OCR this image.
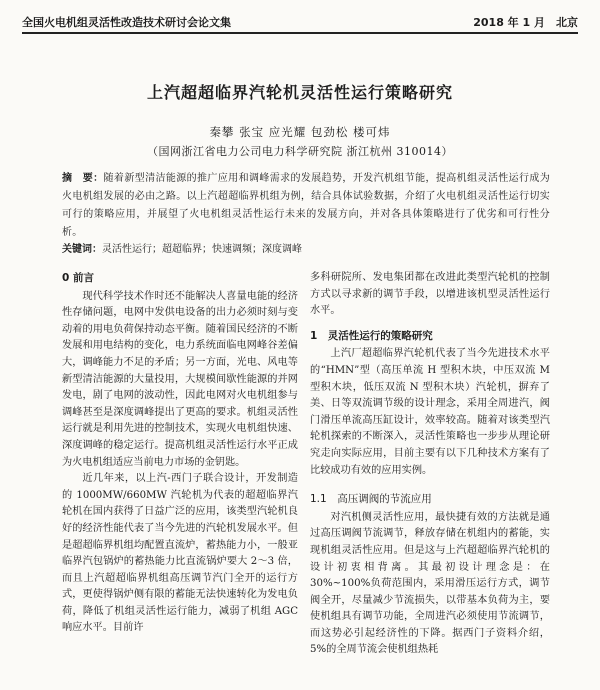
全国火电机组灵活性改造技术研讨会论文集	2018 年 1 月　北京
上汽超超临界汽轮机灵活性运行策略研究
秦攀 张宝 应光耀 包劲松 楼可炜
（国网浙江省电力公司电力科学研究院 浙江杭州 310014）
摘　要：随着新型清洁能源的推广应用和调峰需求的发展趋势，开发汽机组节能，提高机组灵活性运行成为火电机组发展的必由之路。以上汽超超临界机组为例，结合具体试验数据，介绍了火电机组灵活性运行切实可行的策略应用，并展望了火电机组灵活性运行未来的发展方向，并对各具体策略进行了优劣和可行性分析。
关键词：灵活性运行；超超临界；快速调频；深度调峰
0 前言

现代科学技术作时还不能解决人喜量电能的经济性存储问题，电网中发供电设备的出力必须时刻与变动着的用电负荷保持动态平衡。随着国民经济的不断发展和用电结构的变化，电力系统面临电网峰谷差偏大，调峰能力不足的矛盾；另一方面，光电、风电等新型清洁能源的大量投用，大规模间歇性能源的并网发电，剧了电网的波动性，因此电网对火电机组参与调峰甚至是深度调峰提出了更高的要求。机组灵活性运行就是利用先进的控制技术，实现火电机组快速、深度调峰的稳定运行。提高机组灵活性运行水平正成为火电机组适应当前电力市场的金钥匙。

近几年来，以上汽-西门子联合设计，开发制造的 1000MW/660MW 汽轮机为代表的超超临界汽轮机在国内获得了日益广泛的应用，该类型汽轮机良好的经济性能代表了当今先进的汽轮机发展水平。但是超超临界机组均配置直流炉，蓄热能力小，一般亚临界汽包锅炉的蓄热能力比直流锅炉要大 2～3 倍，而且上汽超超临界机组高压调节汽门全开的运行方式，更使得锅炉侧有限的蓄能无法快速转化为发电负荷，降低了机组灵活性运行能力，减弱了机组 AGC 响应水平。目前许

多科研院所、发电集团都在改进此类型汽轮机的控制方式以寻求新的调节手段，以增进该机型灵活性运行水平。

1　灵活性运行的策略研究

上汽厂超超临界汽轮机代表了当今先进技术水平的“HMN”型（高压单流 H 型积木块，中压双流 M 型积木块，低压双流 N 型积木块）汽轮机，摒弃了美、日等双流调节级的设计理念，采用全周进汽，阀门滑压单流高压缸设计，效率较高。随着对该类型汽轮机探索的不断深入，灵活性策略也一步步从理论研究走向实际应用，目前主要有以下几种技术方案有了比较成功有效的应用实例。

1.1　高压调阀的节流应用

对汽机侧灵活性应用，最快捷有效的方法就是通过高压调阀节流调节，释放存储在机组内的蓄能，实现机组灵活性应用。但是这与上汽超超临界汽轮机的设计初衷相背离。其最初设计理念是：在 30%~100%负荷范围内，采用滑压运行方式，调节阀全开，尽量减少节流损失，以带基本负荷为主，要使机组具有调节功能，全周进汽必须使用节流调节，而这势必引起经济性的下降。据西门子资料介绍，5%的全周节流会使机组热耗
